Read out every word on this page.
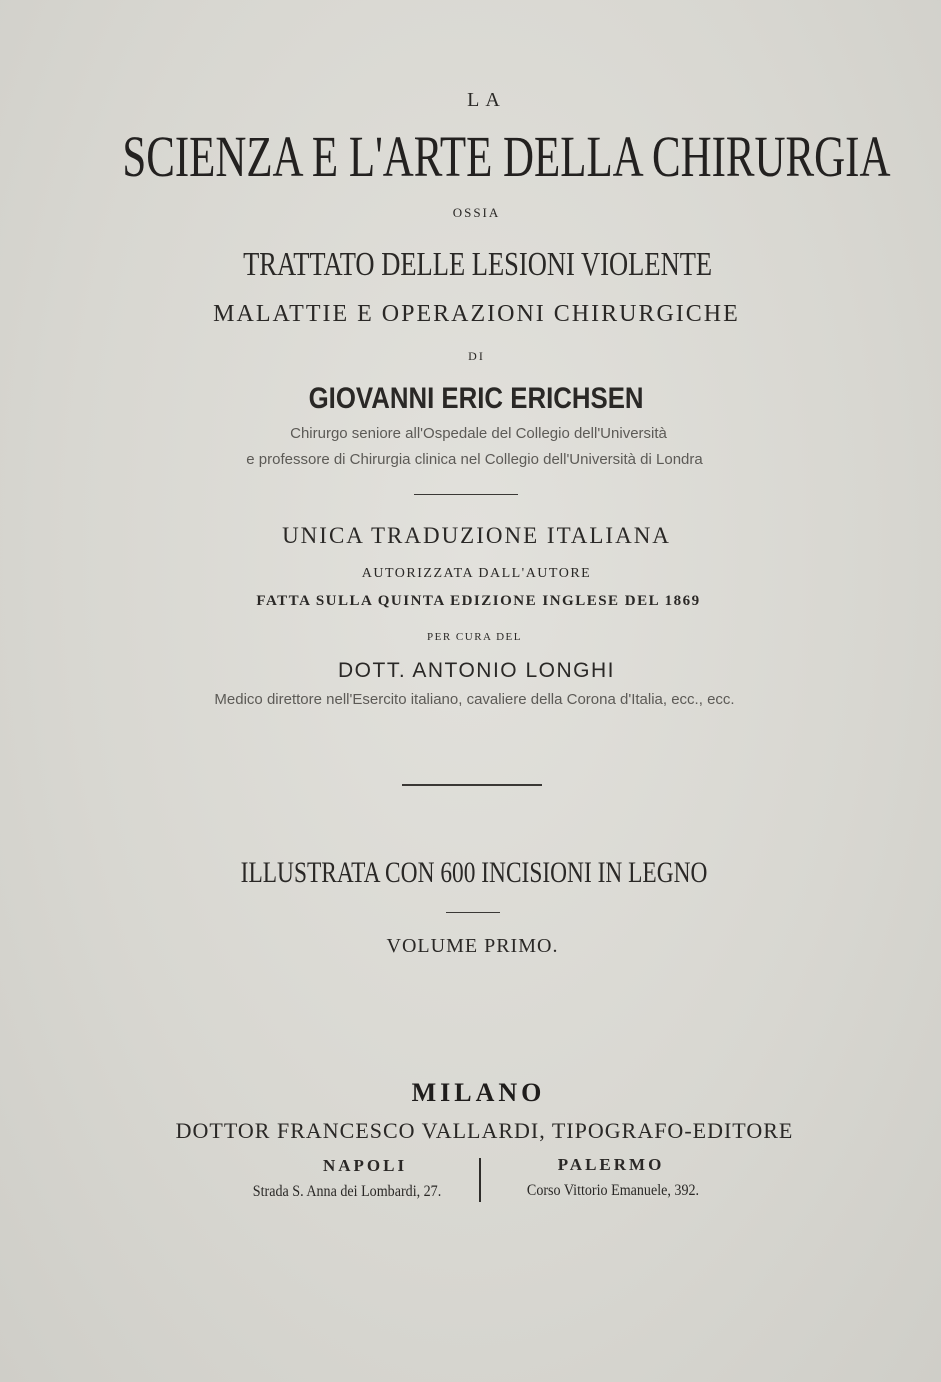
LA
SCIENZA E L'ARTE DELLA CHIRURGIA
OSSIA
TRATTATO DELLE LESIONI VIOLENTE
MALATTIE E OPERAZIONI CHIRURGICHE
DI
GIOVANNI ERIC ERICHSEN
Chirurgo seniore all'Ospedale del Collegio dell'Università
e professore di Chirurgia clinica nel Collegio dell'Università di Londra
UNICA TRADUZIONE ITALIANA
AUTORIZZATA DALL'AUTORE
FATTA SULLA QUINTA EDIZIONE INGLESE DEL 1869
PER CURA DEL
DOTT. ANTONIO LONGHI
Medico direttore nell'Esercito italiano, cavaliere della Corona d'Italia, ecc., ecc.
ILLUSTRATA CON 600 INCISIONI IN LEGNO
VOLUME PRIMO.
MILANO
DOTTOR FRANCESCO VALLARDI, TIPOGRAFO-EDITORE
NAPOLI
Strada S. Anna dei Lombardi, 27.
PALERMO
Corso Vittorio Emanuele, 392.
